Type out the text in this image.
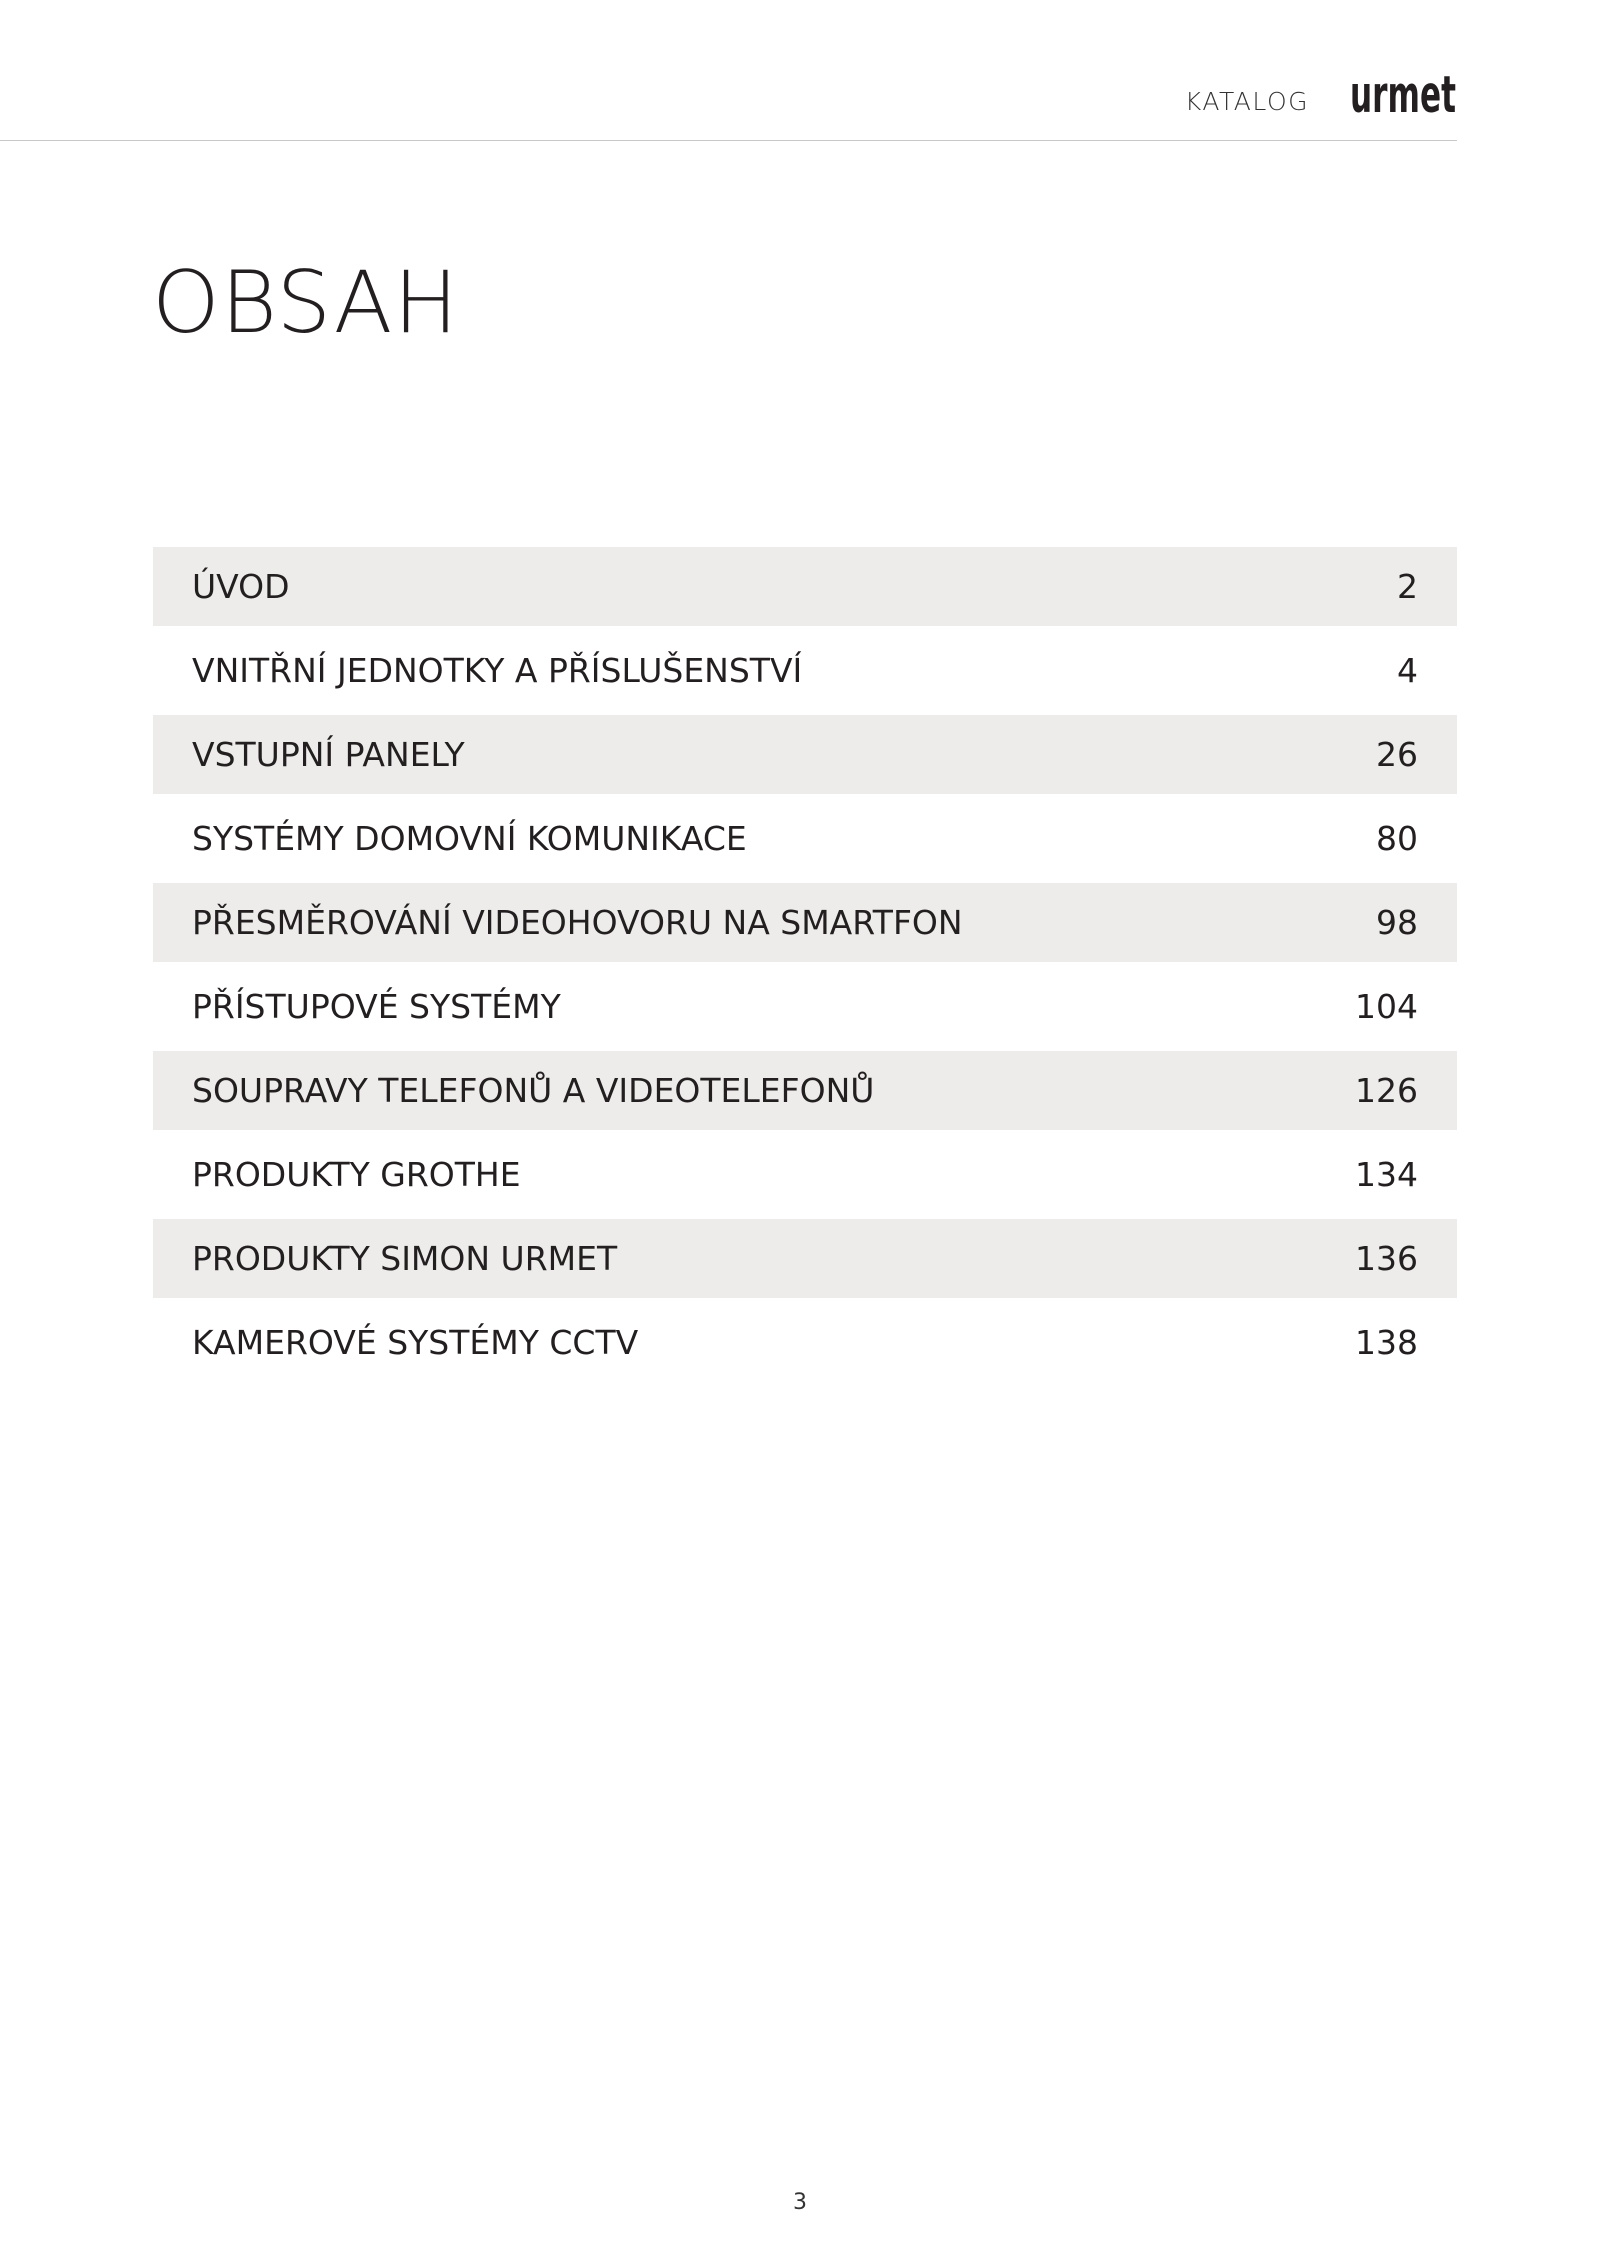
KATALOG urmet
OBSAH
ÚVOD	2
VNITŘNÍ JEDNOTKY A PŘÍSLUŠENSTVÍ	4
VSTUPNÍ PANELY	26
SYSTÉMY DOMOVNÍ KOMUNIKACE	80
PŘESMĚROVÁNÍ VIDEOHOVORU NA SMARTFON	98
PŘÍSTUPOVÉ SYSTÉMY	104
SOUPRAVY TELEFONŮ A VIDEOTELEFONŮ	126
PRODUKTY GROTHE	134
PRODUKTY SIMON URMET	136
KAMEROVÉ SYSTÉMY CCTV	138
3
